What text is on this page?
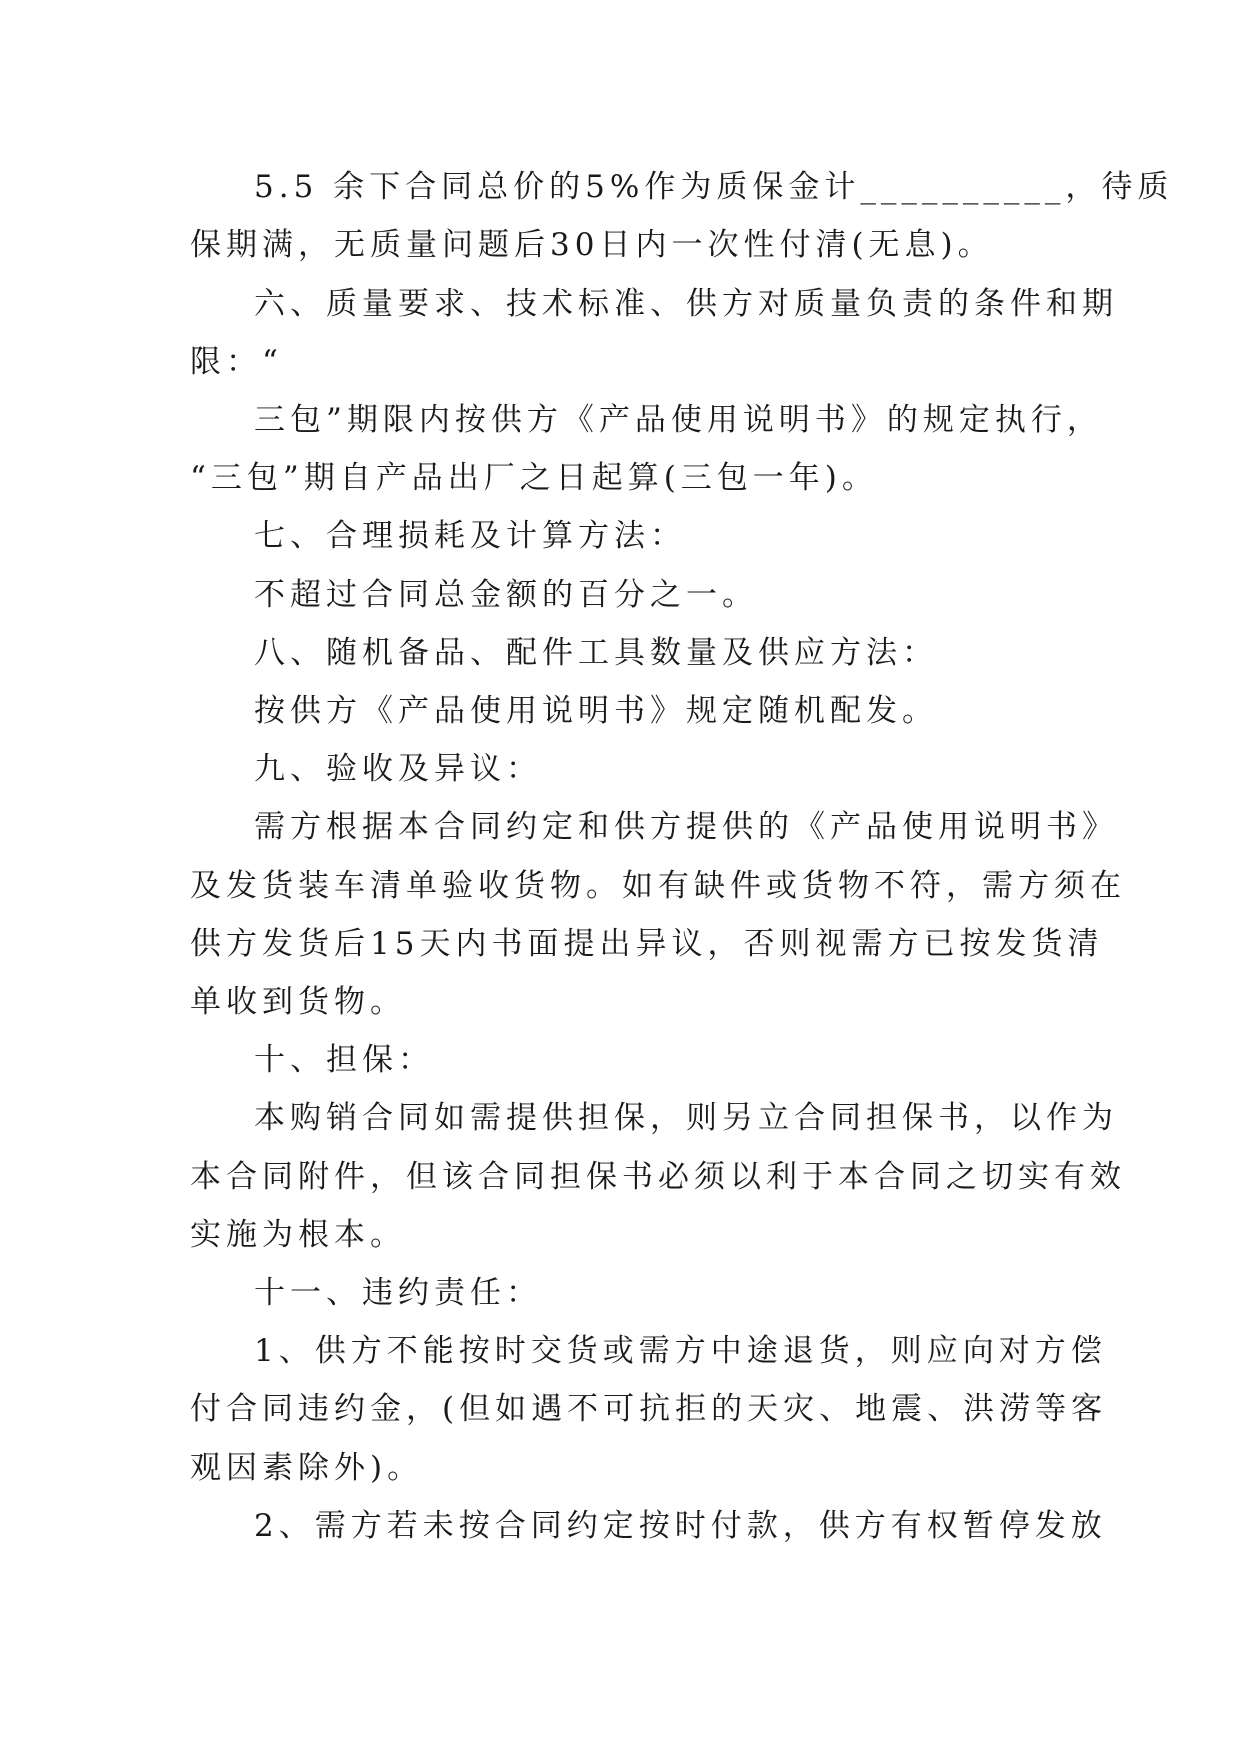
5.5 余下合同总价的5%作为质保金计__________，待质
保期满，无质量问题后30日内一次性付清(无息)。
六、质量要求、技术标准、供方对质量负责的条件和期
限：“
三包”期限内按供方《产品使用说明书》的规定执行，
“三包”期自产品出厂之日起算(三包一年)。
七、合理损耗及计算方法：
不超过合同总金额的百分之一。
八、随机备品、配件工具数量及供应方法：
按供方《产品使用说明书》规定随机配发。
九、验收及异议：
需方根据本合同约定和供方提供的《产品使用说明书》
及发货装车清单验收货物。如有缺件或货物不符，需方须在
供方发货后15天内书面提出异议，否则视需方已按发货清
单收到货物。
十、担保：
本购销合同如需提供担保，则另立合同担保书，以作为
本合同附件，但该合同担保书必须以利于本合同之切实有效
实施为根本。
十一、违约责任：
1、供方不能按时交货或需方中途退货，则应向对方偿
付合同违约金，(但如遇不可抗拒的天灾、地震、洪涝等客
观因素除外)。
2、需方若未按合同约定按时付款，供方有权暂停发放
